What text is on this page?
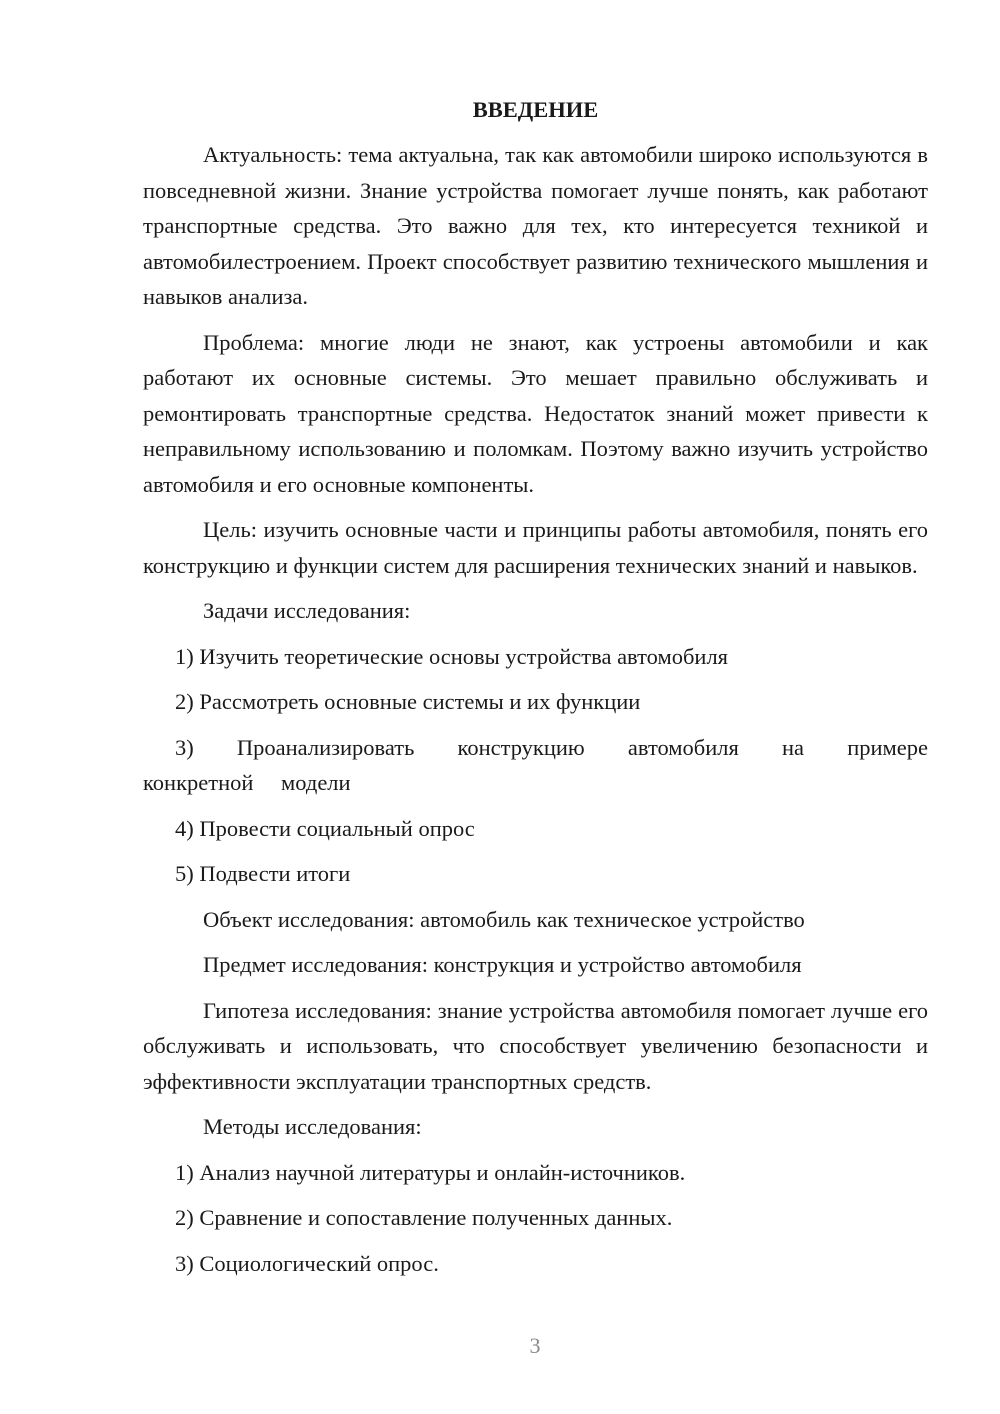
ВВЕДЕНИЕ

Актуальность: тема актуальна, так как автомобили широко используются в повседневной жизни. Знание устройства помогает лучше понять, как работают транспортные средства. Это важно для тех, кто интересуется техникой и автомобилестроением. Проект способствует развитию технического мышления и навыков анализа.

Проблема: многие люди не знают, как устроены автомобили и как работают их основные системы. Это мешает правильно обслуживать и ремонтировать транспортные средства. Недостаток знаний может привести к неправильному использованию и поломкам. Поэтому важно изучить устройство автомобиля и его основные компоненты.

Цель: изучить основные части и принципы работы автомобиля, понять его конструкцию и функции систем для расширения технических знаний и навыков.

Задачи исследования:

1) Изучить теоретические основы устройства автомобиля

2) Рассмотреть основные системы и их функции

3) Проанализировать конструкцию автомобиля на примере конкретной модели

4) Провести социальный опрос

5) Подвести итоги

Объект исследования: автомобиль как техническое устройство

Предмет исследования: конструкция и устройство автомобиля

Гипотеза исследования: знание устройства автомобиля помогает лучше его обслуживать и использовать, что способствует увеличению безопасности и эффективности эксплуатации транспортных средств.

Методы исследования:

1) Анализ научной литературы и онлайн-источников.

2) Сравнение и сопоставление полученных данных.

3) Социологический опрос.

3
